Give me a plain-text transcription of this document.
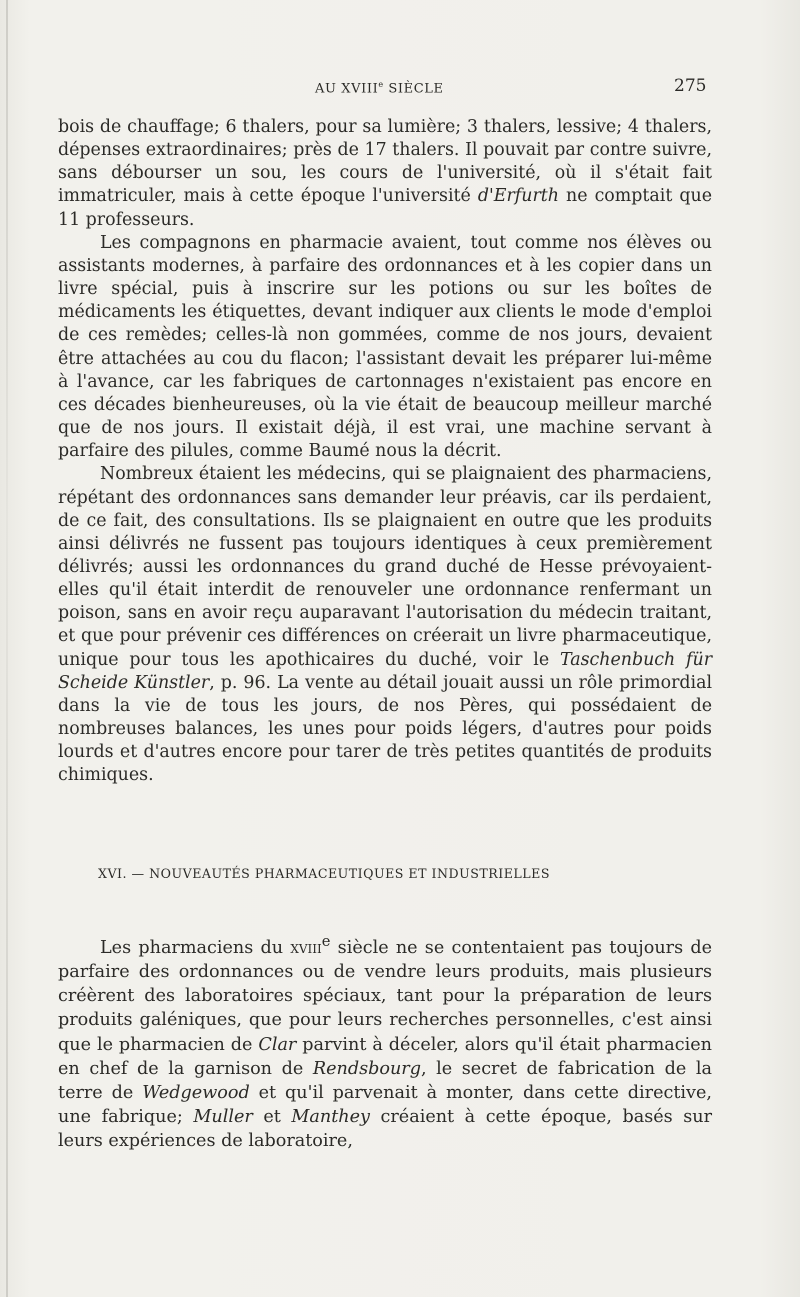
AU XVIIIe SIÈCLE	275

bois de chauffage; 6 thalers, pour sa lumière; 3 thalers, lessive; 4 thalers, dépenses extraordinaires; près de 17 thalers. Il pouvait par contre suivre, sans débourser un sou, les cours de l'université, où il s'était fait immatriculer, mais à cette époque l'université d'Erfurth ne comptait que 11 professeurs.

Les compagnons en pharmacie avaient, tout comme nos élèves ou assistants modernes, à parfaire des ordonnances et à les copier dans un livre spécial, puis à inscrire sur les potions ou sur les boîtes de médicaments les étiquettes, devant indiquer aux clients le mode d'emploi de ces remèdes; celles-là non gommées, comme de nos jours, devaient être attachées au cou du flacon; l'assistant devait les préparer lui-même à l'avance, car les fabriques de cartonnages n'existaient pas encore en ces décades bienheureuses, où la vie était de beaucoup meilleur marché que de nos jours. Il existait déjà, il est vrai, une machine servant à parfaire des pilules, comme Baumé nous la décrit.

Nombreux étaient les médecins, qui se plaignaient des pharmaciens, répétant des ordonnances sans demander leur préavis, car ils perdaient, de ce fait, des consultations. Ils se plaignaient en outre que les produits ainsi délivrés ne fussent pas toujours identiques à ceux premièrement délivrés; aussi les ordonnances du grand duché de Hesse prévoyaient-elles qu'il était interdit de renouveler une ordonnance renfermant un poison, sans en avoir reçu auparavant l'autorisation du médecin traitant, et que pour prévenir ces différences on créerait un livre pharmaceutique, unique pour tous les apothicaires du duché, voir le Taschenbuch für Scheide Künstler, p. 96. La vente au détail jouait aussi un rôle primordial dans la vie de tous les jours, de nos Pères, qui possédaient de nombreuses balances, les unes pour poids légers, d'autres pour poids lourds et d'autres encore pour tarer de très petites quantités de produits chimiques.

XVI. — NOUVEAUTÉS PHARMACEUTIQUES ET INDUSTRIELLES

Les pharmaciens du xviii$^e$ siècle ne se contentaient pas toujours de parfaire des ordonnances ou de vendre leurs produits, mais plusieurs créèrent des laboratoires spéciaux, tant pour la préparation de leurs produits galéniques, que pour leurs recherches personnelles, c'est ainsi que le pharmacien de Clar parvint à déceler, alors qu'il était pharmacien en chef de la garnison de Rendsbourg, le secret de fabrication de la terre de Wedgewood et qu'il parvenait à monter, dans cette directive, une fabrique; Muller et Manthey créaient à cette époque, basés sur leurs expériences de laboratoire,
